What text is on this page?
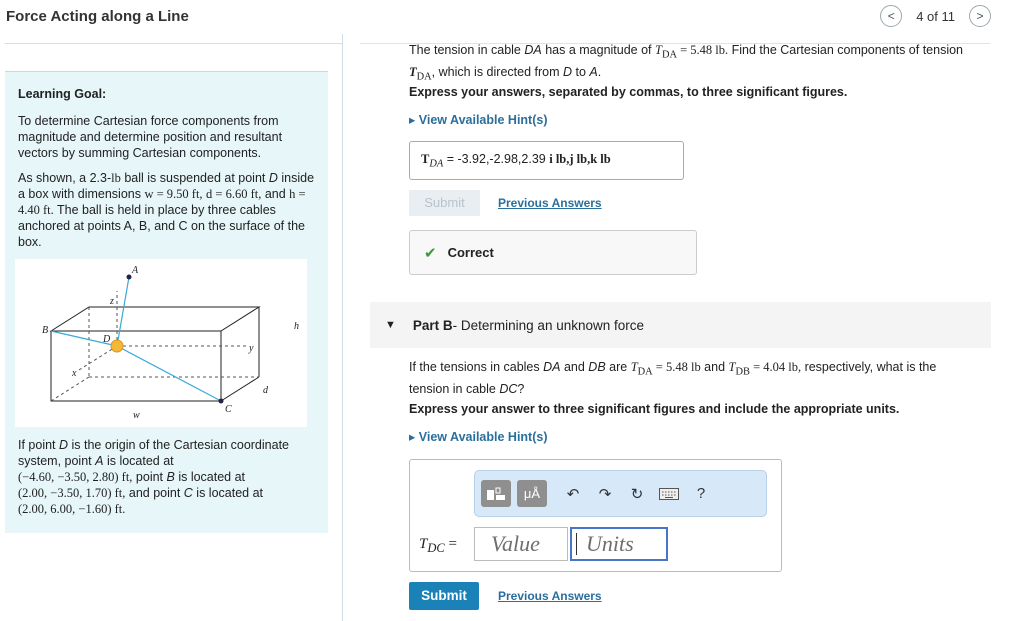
Force Acting along a Line	< 4 of 11 >
Learning Goal:

To determine Cartesian force components from magnitude and determine position and resultant vectors by summing Cartesian components.

As shown, a 2.3-lb ball is suspended at point D inside a box with dimensions w = 9.50 ft, d = 6.60 ft, and h = 4.40 ft. The ball is held in place by three cables anchored at points A, B, and C on the surface of the box.

A
B
C
D
h
w
d
x
y
z

If point D is the origin of the Cartesian coordinate system, point A is located at
(−4.60, −3.50, 2.80) ft, point B is located at
(2.00, −3.50, 1.70) ft, and point C is located at
(2.00, 6.00, −1.60) ft.

The tension in cable DA has a magnitude of $T_{DA} = 5.48$ lb. Find the Cartesian components of tension $T_{DA}$, which is directed from D to A.
Express your answers, separated by commas, to three significant figures.
▸ View Available Hint(s)
$T_{DA} = -3.92,-2.98,2.39$ i lb,j lb,k lb
Submit	Previous Answers
✔ Correct
▼ Part B - Determining an unknown force
If the tensions in cables DA and DB are $T_{DA} = 5.48$ lb and $T_{DB} = 4.04$ lb, respectively, what is the tension in cable DC?
Express your answer to three significant figures and include the appropriate units.
▸ View Available Hint(s)
μÅ	↶	↷	↻	?
$T_{DC}$ =	Value	Units
Submit	Previous Answers
